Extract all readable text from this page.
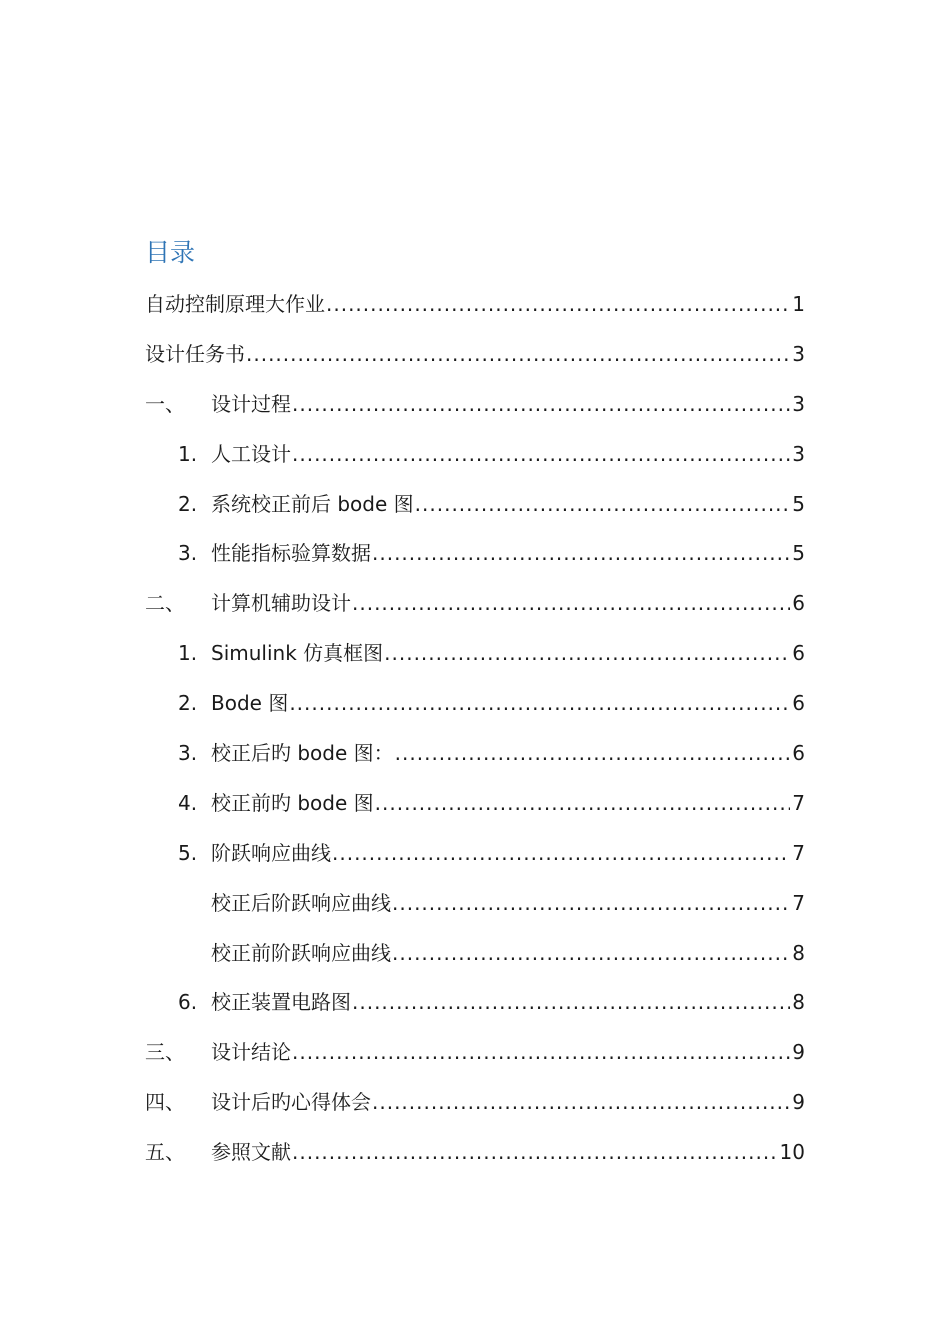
目录
自动控制原理大作业 .....	1
设计任务书 .....	3
一、	设计过程 .....	3
1. 人工设计 .....	3
2. 系统校正前后 bode 图 .....	5
3. 性能指标验算数据 .....	5
二、	计算机辅助设计 .....	6
1. Simulink 仿真框图 .....	6
2. Bode 图 .....	6
3. 校正后旳 bode 图： .....	6
4. 校正前旳 bode 图 .....	7
5. 阶跃响应曲线 .....	7
校正后阶跃响应曲线 .....	7
校正前阶跃响应曲线 .....	8
6. 校正装置电路图 .....	8
三、	设计结论 .....	9
四、	设计后旳心得体会 .....	9
五、	参照文献 .....	10
